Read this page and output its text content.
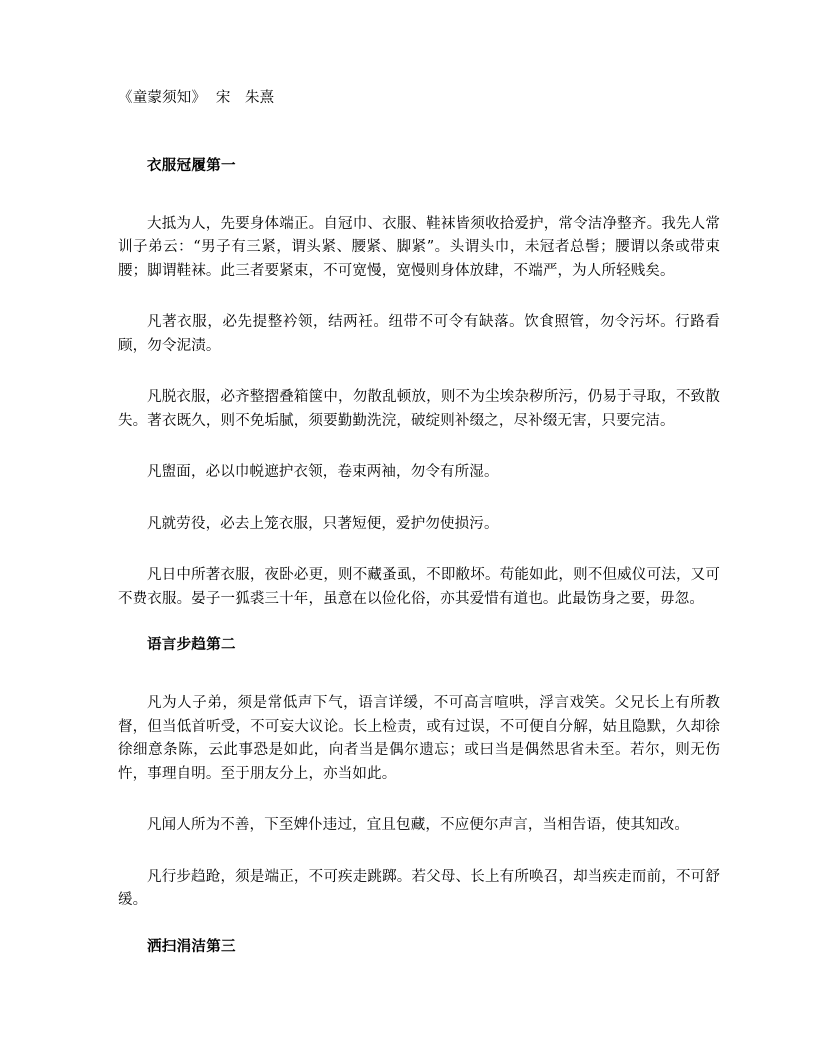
《童蒙须知》  宋   朱熹

衣服冠履第一

大抵为人，先要身体端正。自冠巾、衣服、鞋袜皆须收拾爱护，常令洁净整齐。我先人常训子弟云：“男子有三紧，谓头紧、腰紧、脚紧”。头谓头巾，未冠者总髻；腰谓以条或带束腰；脚谓鞋袜。此三者要紧束，不可宽慢，宽慢则身体放肆，不端严，为人所轻贱矣。

凡著衣服，必先提整衿领，结两衽。纽带不可令有缺落。饮食照管，勿令污坏。行路看顾，勿令泥渍。

凡脱衣服，必齐整摺叠箱箧中，勿散乱顿放，则不为尘埃杂秽所污，仍易于寻取，不致散失。著衣既久，则不免垢腻，须要勤勤洗浣，破绽则补缀之，尽补缀无害，只要完洁。

凡盥面，必以巾帨遮护衣领，卷束两袖，勿令有所湿。

凡就劳役，必去上笼衣服，只著短便，爱护勿使损污。

凡日中所著衣服，夜卧必更，则不藏蚤虱，不即敝坏。苟能如此，则不但威仪可法，又可不费衣服。晏子一狐裘三十年，虽意在以俭化俗，亦其爱惜有道也。此最饬身之要，毋忽。

语言步趋第二

凡为人子弟，须是常低声下气，语言详缓，不可高言喧哄，浮言戏笑。父兄长上有所教督，但当低首听受，不可妄大议论。长上检责，或有过误，不可便自分解，姑且隐默，久却徐徐细意条陈，云此事恐是如此，向者当是偶尔遗忘；或曰当是偶然思省未至。若尔，则无伤忤，事理自明。至于朋友分上，亦当如此。

凡闻人所为不善，下至婢仆违过，宜且包藏，不应便尔声言，当相告语，使其知改。

凡行步趋跄，须是端正，不可疾走跳踯。若父母、长上有所唤召，却当疾走而前，不可舒缓。

洒扫涓洁第三
